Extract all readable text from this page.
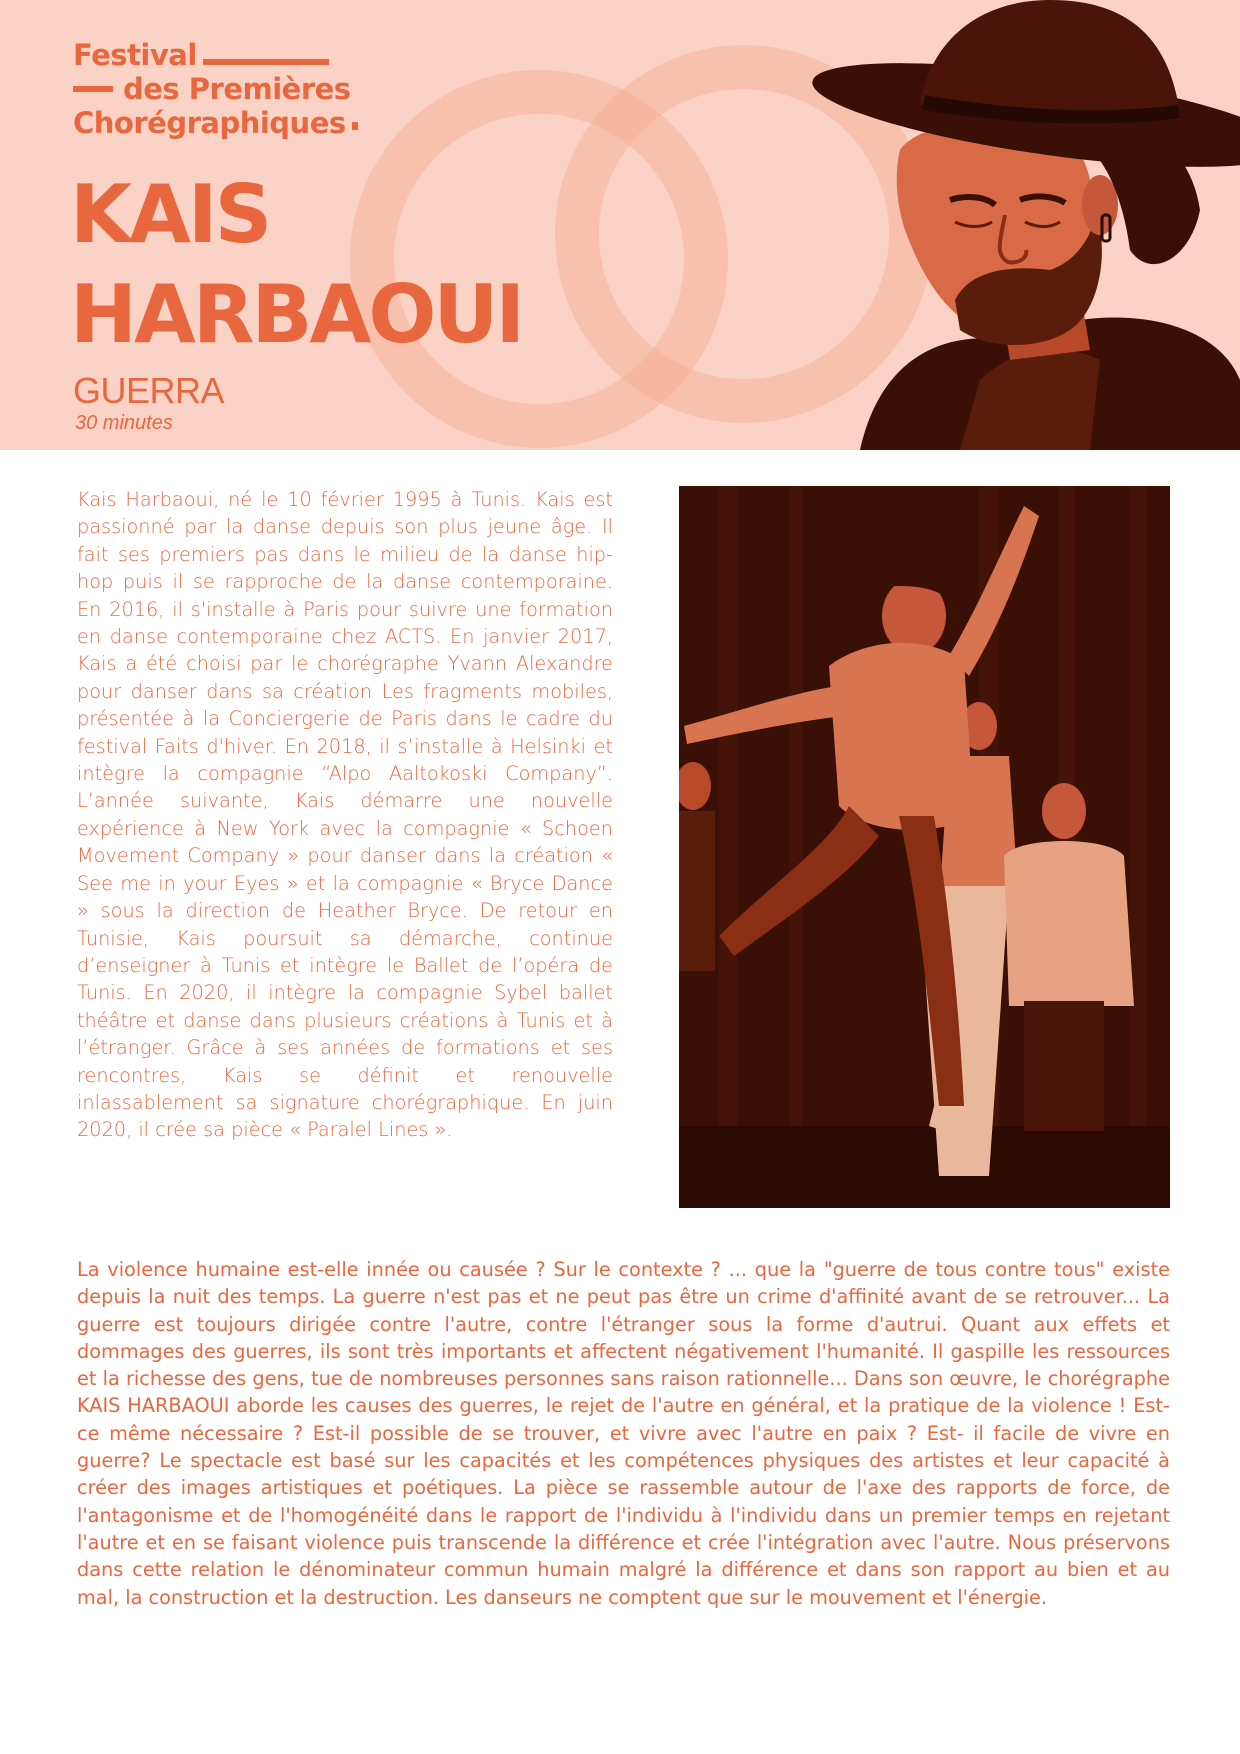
Festival
des Premières
Chorégraphiques
KAIS
HARBAOUI
GUERRA
30 minutes
Kais Harbaoui, né le 10 février 1995 à Tunis. Kais est passionné par la danse depuis son plus jeune âge. Il fait ses premiers pas dans le milieu de la danse hip-hop puis il se rapproche de la danse contemporaine. En 2016, il s'installe à Paris pour suivre une formation en danse contemporaine chez ACTS. En janvier 2017, Kais a été choisi par le chorégraphe Yvann Alexandre pour danser dans sa création Les fragments mobiles, présentée à la Conciergerie de Paris dans le cadre du festival Faits d'hiver. En 2018, il s’installe à Helsinki et intègre la compagnie “Alpo Aaltokoski Company”. L’année suivante, Kais démarre une nouvelle expérience à New York avec la compagnie « Schoen Movement Company » pour danser dans la création « See me in your Eyes » et la compagnie « Bryce Dance » sous la direction de Heather Bryce. De retour en Tunisie, Kais poursuit sa démarche, continue d’enseigner à Tunis et intègre le Ballet de l’opéra de Tunis. En 2020, il intègre la compagnie Sybel ballet théâtre et danse dans plusieurs créations à Tunis et à l’étranger. Grâce à ses années de formations et ses rencontres, Kais se définit et renouvelle inlassablement sa signature chorégraphique. En juin 2020, il crée sa pièce « Paralel Lines ».
La violence humaine est-elle innée ou causée ? Sur le contexte ? ... que la "guerre de tous contre tous" existe depuis la nuit des temps. La guerre n'est pas et ne peut pas être un crime d'affinité avant de se retrouver... La guerre est toujours dirigée contre l'autre, contre l'étranger sous la forme d'autrui. Quant aux effets et dommages des guerres, ils sont très importants et affectent négativement l'humanité. Il gaspille les ressources et la richesse des gens, tue de nombreuses personnes sans raison rationnelle... Dans son œuvre, le chorégraphe KAIS HARBAOUI aborde les causes des guerres, le rejet de l'autre en général, et la pratique de la violence ! Est-ce même nécessaire ? Est-il possible de se trouver, et vivre avec l'autre en paix ? Est- il facile de vivre en guerre? Le spectacle est basé sur les capacités et les compétences physiques des artistes et leur capacité à créer des images artistiques et poétiques. La pièce se rassemble autour de l'axe des rapports de force, de l'antagonisme et de l'homogénéité dans le rapport de l'individu à l'individu dans un premier temps en rejetant l'autre et en se faisant violence puis transcende la différence et crée l'intégration avec l'autre. Nous préservons dans cette relation le dénominateur commun humain malgré la différence et dans son rapport au bien et au mal, la construction et la destruction. Les danseurs ne comptent que sur le mouvement et l'énergie.
